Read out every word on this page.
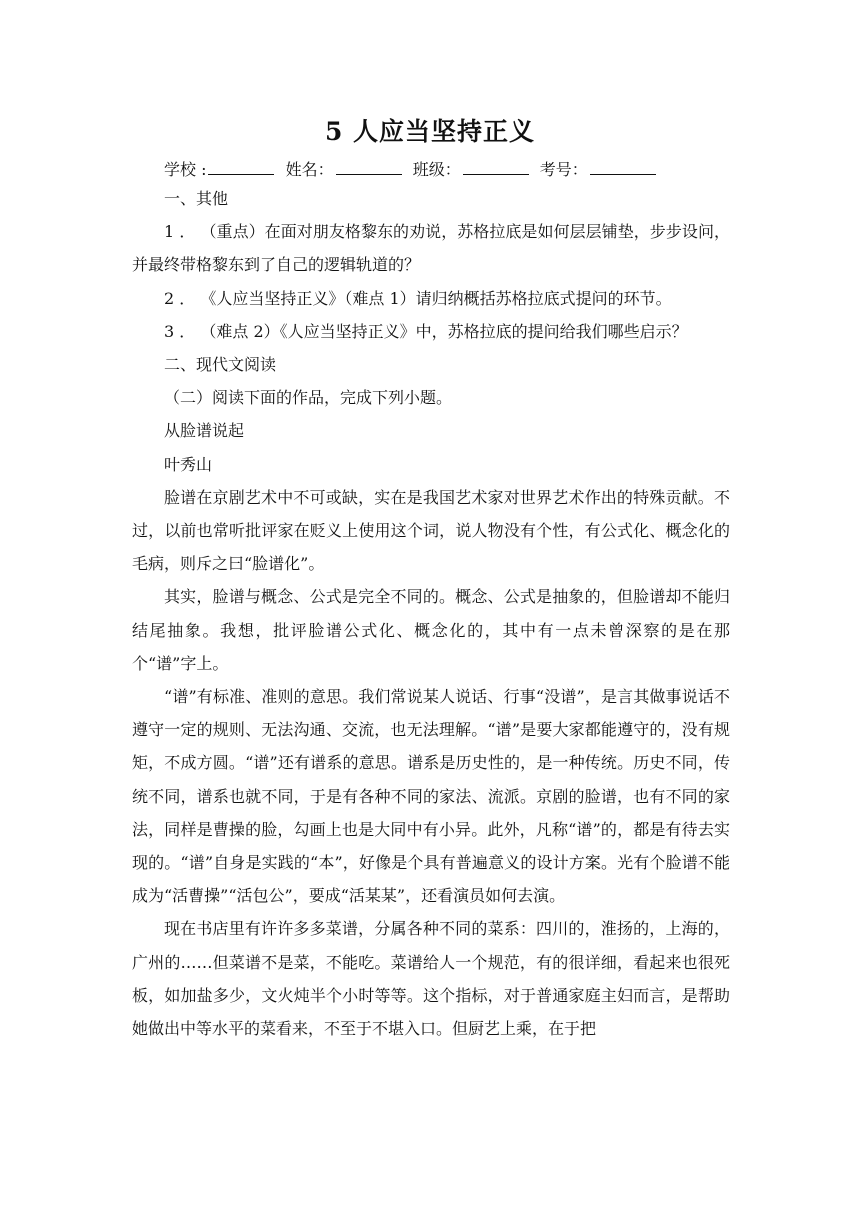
5 人应当坚持正义
学校 :	姓名：	班级：	考号：
一、其他
1 ． （重点）在面对朋友格黎东的劝说，苏格拉底是如何层层铺垫，步步设问，并最终带格黎东到了自己的逻辑轨道的？
2 ． 《人应当坚持正义》（难点 1）请归纳概括苏格拉底式提问的环节。
3 ． （难点 2）《人应当坚持正义》中，苏格拉底的提问给我们哪些启示？
二、现代文阅读
（二）阅读下面的作品，完成下列小题。
从脸谱说起
叶秀山
脸谱在京剧艺术中不可或缺，实在是我国艺术家对世界艺术作出的特殊贡献。不过，以前也常听批评家在贬义上使用这个词，说人物没有个性，有公式化、概念化的毛病，则斥之曰“脸谱化”。
其实，脸谱与概念、公式是完全不同的。概念、公式是抽象的，但脸谱却不能归结尾抽象。我想，批评脸谱公式化、概念化的，其中有一点未曾深察的是在那个“谱”字上。
“谱”有标准、准则的意思。我们常说某人说话、行事“没谱”，是言其做事说话不遵守一定的规则、无法沟通、交流，也无法理解。“谱”是要大家都能遵守的，没有规矩，不成方圆。“谱”还有谱系的意思。谱系是历史性的，是一种传统。历史不同，传统不同，谱系也就不同，于是有各种不同的家法、流派。京剧的脸谱，也有不同的家法，同样是曹操的脸，勾画上也是大同中有小异。此外，凡称“谱”的，都是有待去实现的。“谱”自身是实践的“本”，好像是个具有普遍意义的设计方案。光有个脸谱不能成为“活曹操”“活包公”，要成“活某某”，还看演员如何去演。
现在书店里有许许多多菜谱，分属各种不同的菜系：四川的，淮扬的，上海的，广州的……但菜谱不是菜，不能吃。菜谱给人一个规范，有的很详细，看起来也很死板，如加盐多少，文火炖半个小时等等。这个指标，对于普通家庭主妇而言，是帮助她做出中等水平的菜看来，不至于不堪入口。但厨艺上乘，在于把
